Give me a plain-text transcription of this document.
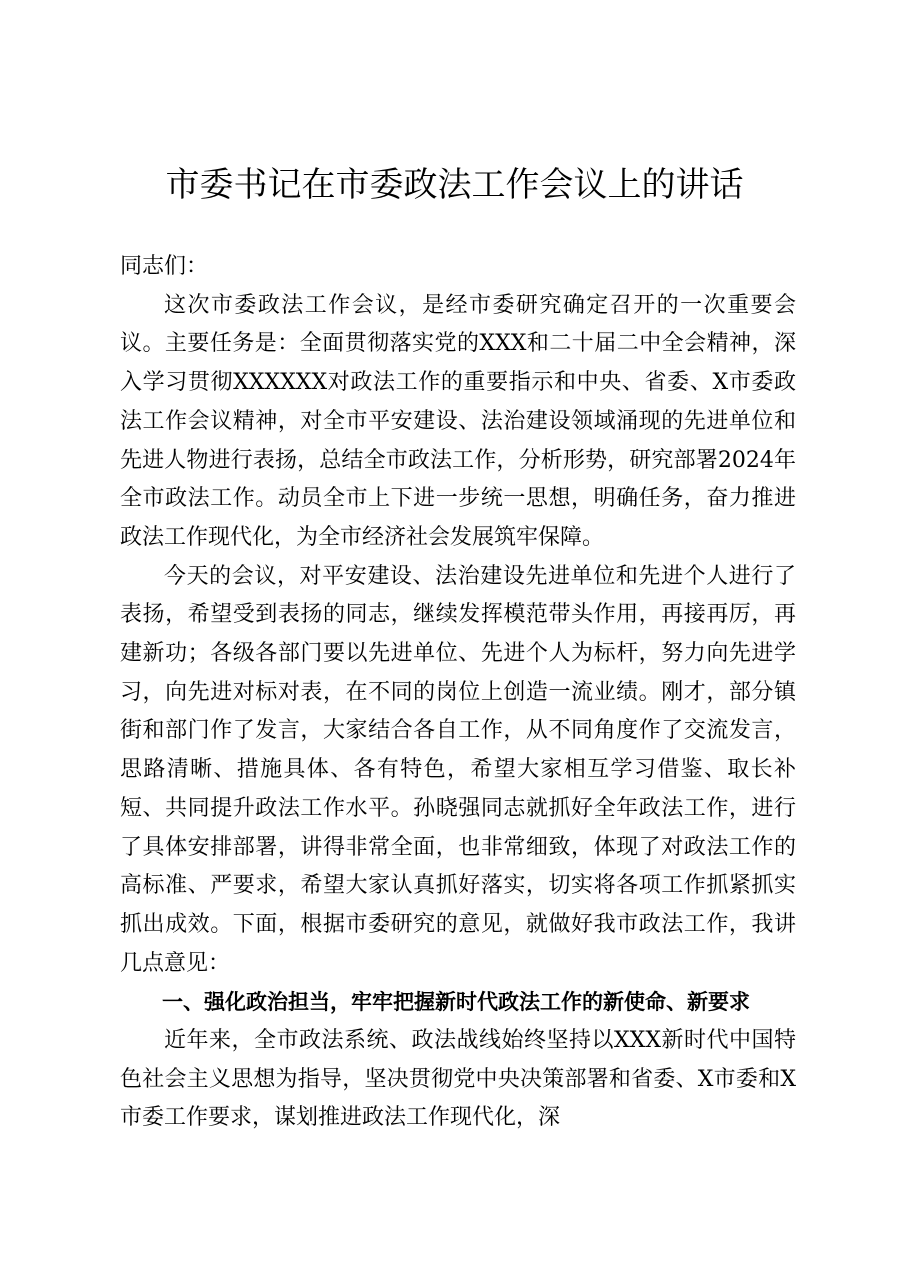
市委书记在市委政法工作会议上的讲话

同志们：

这次市委政法工作会议，是经市委研究确定召开的一次重要会议。主要任务是：全面贯彻落实党的XXX和二十届二中全会精神，深入学习贯彻XXXXXX对政法工作的重要指示和中央、省委、X市委政法工作会议精神，对全市平安建设、法治建设领域涌现的先进单位和先进人物进行表扬，总结全市政法工作，分析形势，研究部署2024年全市政法工作。动员全市上下进一步统一思想，明确任务，奋力推进政法工作现代化，为全市经济社会发展筑牢保障。

今天的会议，对平安建设、法治建设先进单位和先进个人进行了表扬，希望受到表扬的同志，继续发挥模范带头作用，再接再厉，再建新功；各级各部门要以先进单位、先进个人为标杆，努力向先进学习，向先进对标对表，在不同的岗位上创造一流业绩。刚才，部分镇街和部门作了发言，大家结合各自工作，从不同角度作了交流发言，思路清晰、措施具体、各有特色，希望大家相互学习借鉴、取长补短、共同提升政法工作水平。孙晓强同志就抓好全年政法工作，进行了具体安排部署，讲得非常全面，也非常细致，体现了对政法工作的高标准、严要求，希望大家认真抓好落实，切实将各项工作抓紧抓实抓出成效。下面，根据市委研究的意见，就做好我市政法工作，我讲几点意见：

一、强化政治担当，牢牢把握新时代政法工作的新使命、新要求

近年来，全市政法系统、政法战线始终坚持以XXX新时代中国特色社会主义思想为指导，坚决贯彻党中央决策部署和省委、X市委和X市委工作要求，谋划推进政法工作现代化，深
